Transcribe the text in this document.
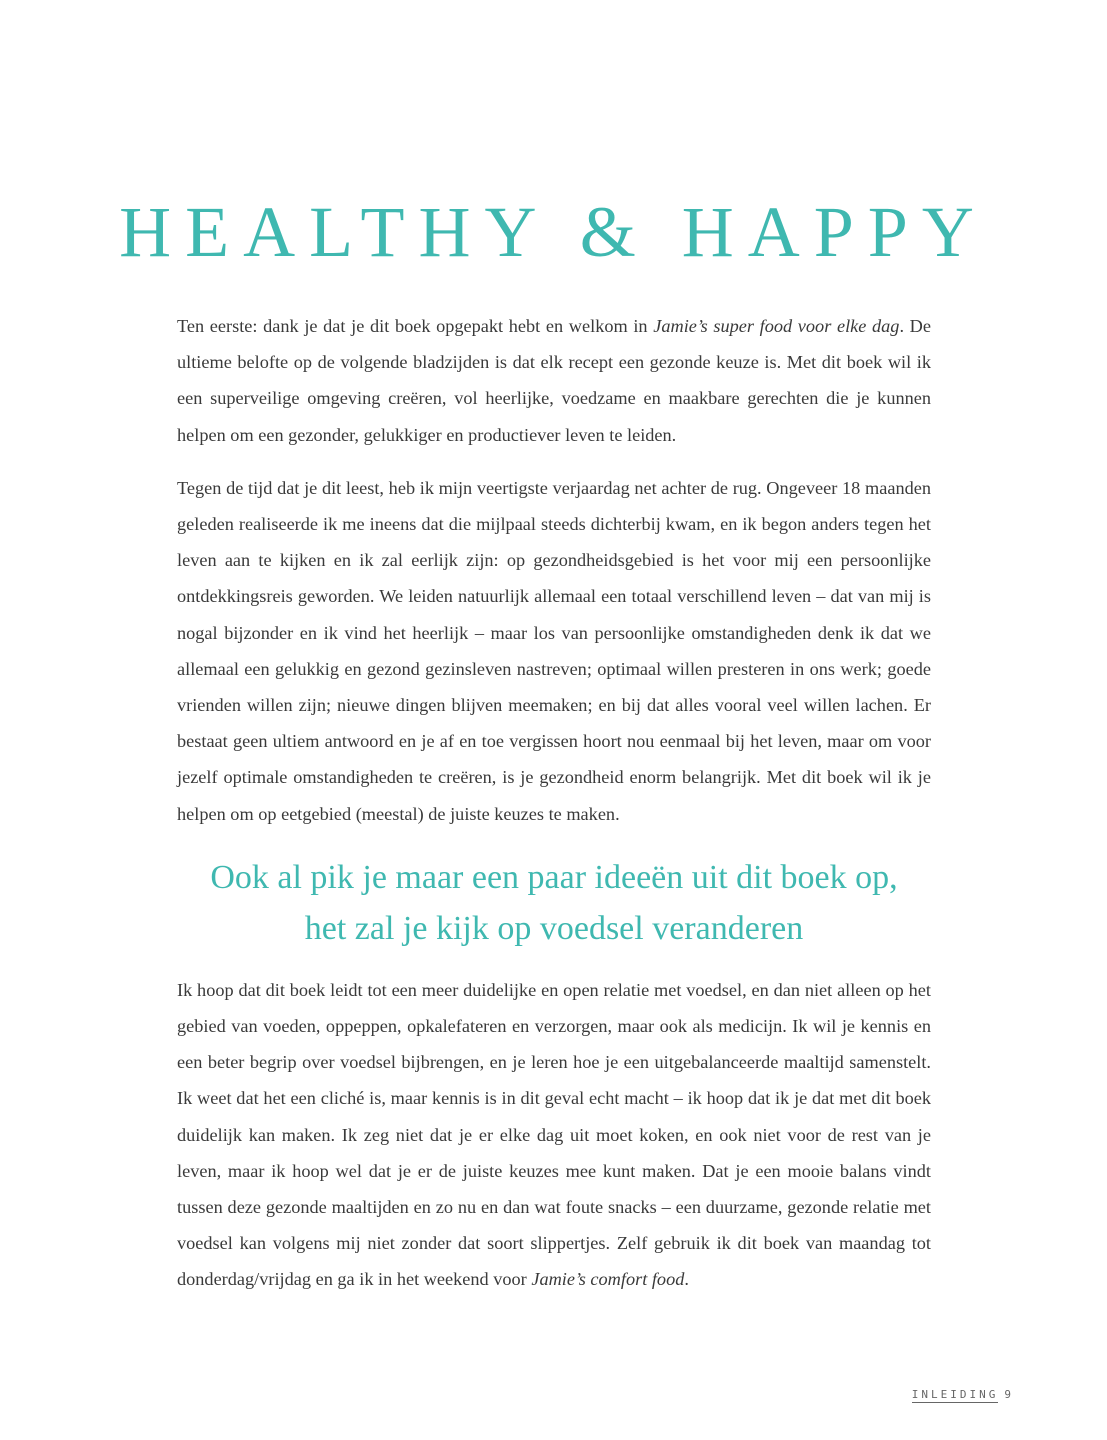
HEALTHY & HAPPY

Ten eerste: dank je dat je dit boek opgepakt hebt en welkom in Jamie’s super food voor elke dag. De ultieme belofte op de volgende bladzijden is dat elk recept een gezonde keuze is. Met dit boek wil ik een superveilige omgeving creëren, vol heerlijke, voedzame en maakbare gerechten die je kunnen helpen om een gezonder, gelukkiger en productiever leven te leiden.

Tegen de tijd dat je dit leest, heb ik mijn veertigste verjaardag net achter de rug. Ongeveer 18 maanden geleden realiseerde ik me ineens dat die mijlpaal steeds dichterbij kwam, en ik begon anders tegen het leven aan te kijken en ik zal eerlijk zijn: op gezondheidsgebied is het voor mij een persoonlijke ontdekkingsreis geworden. We leiden natuurlijk allemaal een totaal verschillend leven – dat van mij is nogal bijzonder en ik vind het heerlijk – maar los van persoonlijke omstandigheden denk ik dat we allemaal een gelukkig en gezond gezinsleven nastreven; optimaal willen presteren in ons werk; goede vrienden willen zijn; nieuwe dingen blijven meemaken; en bij dat alles vooral veel willen lachen. Er bestaat geen ultiem antwoord en je af en toe vergissen hoort nou eenmaal bij het leven, maar om voor jezelf optimale omstandigheden te creëren, is je gezondheid enorm belangrijk. Met dit boek wil ik je helpen om op eetgebied (meestal) de juiste keuzes te maken.

Ook al pik je maar een paar ideeën uit dit boek op,
het zal je kijk op voedsel veranderen

Ik hoop dat dit boek leidt tot een meer duidelijke en open relatie met voedsel, en dan niet alleen op het gebied van voeden, oppeppen, opkalefateren en verzorgen, maar ook als medicijn. Ik wil je kennis en een beter begrip over voedsel bijbrengen, en je leren hoe je een uitgebalanceerde maaltijd samenstelt. Ik weet dat het een cliché is, maar kennis is in dit geval echt macht – ik hoop dat ik je dat met dit boek duidelijk kan maken. Ik zeg niet dat je er elke dag uit moet koken, en ook niet voor de rest van je leven, maar ik hoop wel dat je er de juiste keuzes mee kunt maken. Dat je een mooie balans vindt tussen deze gezonde maaltijden en zo nu en dan wat foute snacks – een duurzame, gezonde relatie met voedsel kan volgens mij niet zonder dat soort slippertjes. Zelf gebruik ik dit boek van maandag tot donderdag/vrijdag en ga ik in het weekend voor Jamie’s comfort food.

INLEIDING 9
